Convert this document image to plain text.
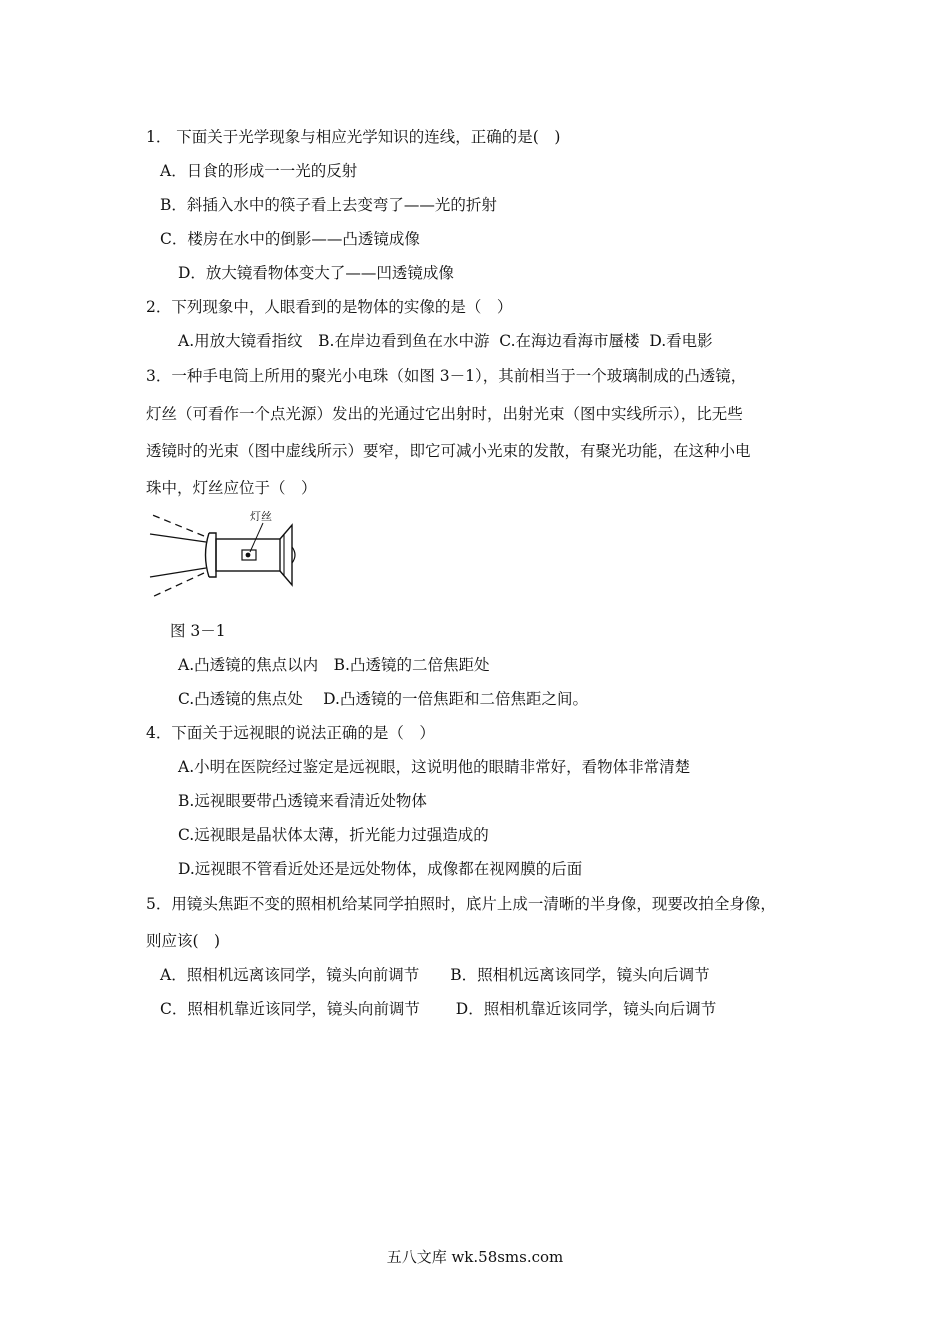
1． 下面关于光学现象与相应光学知识的连线，正确的是(　)
A．日食的形成一一光的反射
B．斜插入水中的筷子看上去变弯了——光的折射
C．楼房在水中的倒影——凸透镜成像
D．放大镜看物体变大了——凹透镜成像
2．下列现象中，人眼看到的是物体的实像的是（　）
A.用放大镜看指纹　B.在岸边看到鱼在水中游  C.在海边看海市蜃楼  D.看电影
3．一种手电筒上所用的聚光小电珠（如图 3－1），其前相当于一个玻璃制成的凸透镜，
灯丝（可看作一个点光源）发出的光通过它出射时，出射光束（图中实线所示），比无些
透镜时的光束（图中虚线所示）要窄，即它可减小光束的发散，有聚光功能，在这种小电
珠中，灯丝应位于（　）
灯丝
图 3－1
A.凸透镜的焦点以内　B.凸透镜的二倍焦距处
C.凸透镜的焦点处　 D.凸透镜的一倍焦距和二倍焦距之间。
4．下面关于远视眼的说法正确的是（　）
A.小明在医院经过鉴定是远视眼，这说明他的眼睛非常好，看物体非常清楚
B.远视眼要带凸透镜来看清近处物体
C.远视眼是晶状体太薄，折光能力过强造成的
D.远视眼不管看近处还是远处物体，成像都在视网膜的后面
5．用镜头焦距不变的照相机给某同学拍照时，底片上成一清晰的半身像，现要改拍全身像，
则应该(　)
A．照相机远离该同学，镜头向前调节　　B．照相机远离该同学，镜头向后调节
C．照相机靠近该同学，镜头向前调节　　 D．照相机靠近该同学，镜头向后调节
五八文库 wk.58sms.com
